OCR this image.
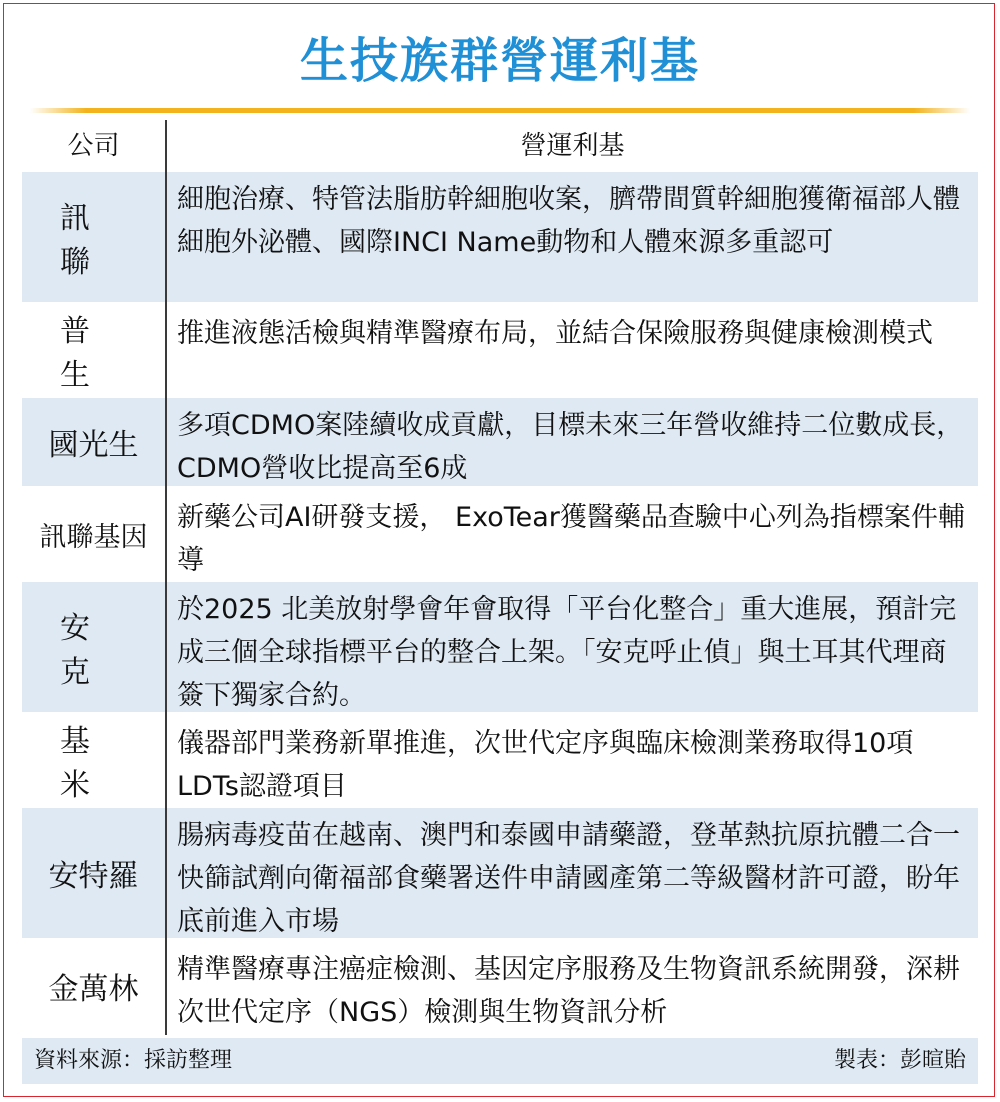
生技族群營運利基
公司	營運利基
訊聯
細胞治療、特管法脂肪幹細胞收案，臍帶間質幹細胞獲衛福部人體細胞外泌體、國際INCI Name動物和人體來源多重認可
普生
推進液態活檢與精準醫療布局，並結合保險服務與健康檢測模式
國光生
多項CDMO案陸續收成貢獻，目標未來三年營收維持二位數成長，CDMO營收比提高至6成
訊聯基因
新藥公司AI研發支援， ExoTear獲醫藥品查驗中心列為指標案件輔導
安克
於2025 北美放射學會年會取得「平台化整合」重大進展，預計完成三個全球指標平台的整合上架。「安克呼止偵」與土耳其代理商簽下獨家合約。
基米
儀器部門業務新單推進，次世代定序與臨床檢測業務取得10項LDTs認證項目
安特羅
腸病毒疫苗在越南、澳門和泰國申請藥證，登革熱抗原抗體二合一快篩試劑向衛福部食藥署送件申請國產第二等級醫材許可證，盼年底前進入市場
金萬林
精準醫療專注癌症檢測、基因定序服務及生物資訊系統開發，深耕次世代定序（NGS）檢測與生物資訊分析
資料來源：採訪整理	製表：彭暄貽
